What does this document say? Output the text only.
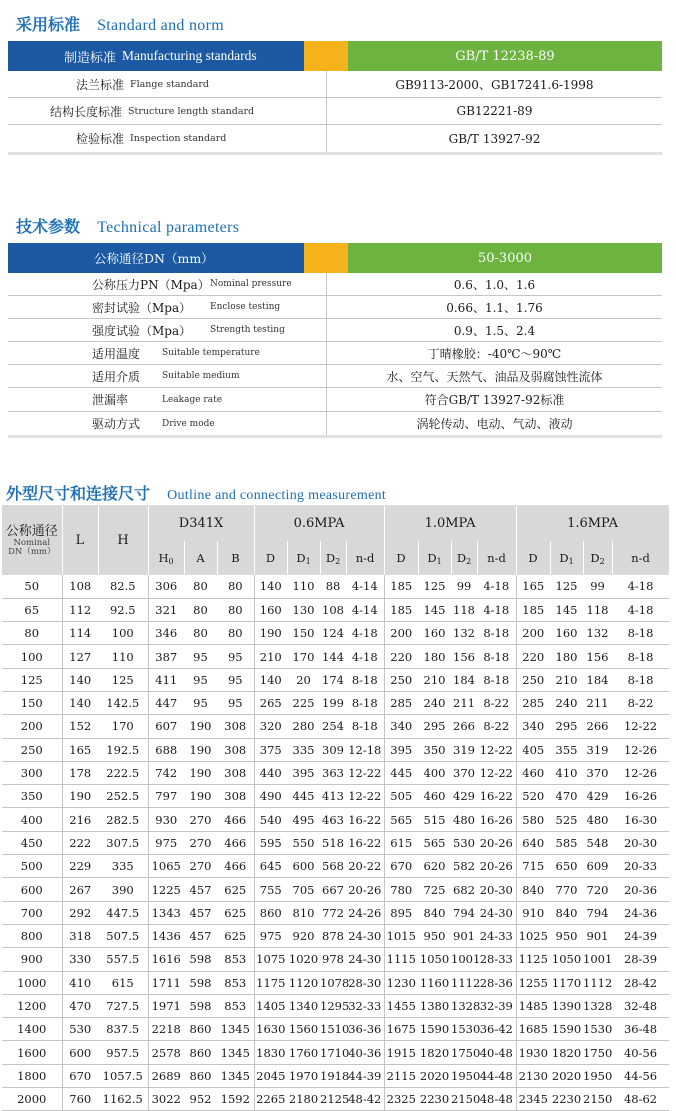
采用标准 Standard and norm
制造标准 Manufacturing standards	GB/T 12238-89
法兰标准 Flange standard	GB9113-2000、GB17241.6-1998
结构长度标准 Structure length standard	GB12221-89
检验标准 Inspection standard	GB/T 13927-92
技术参数 Technical parameters
公称通径DN（mm）	50-3000
公称压力PN（Mpa） Nominal pressure	0.6、1.0、1.6
密封试验（Mpa）	Enclose testing	0.66、1.1、1.76
强度试验（Mpa）	Strength testing	0.9、1.5、2.4
适用温度	Suitable temperature	丁晴橡胶：-40℃～90℃
适用介质	Suitable medium	水、空气、天然气、油品及弱腐蚀性流体
泄漏率	Leakage rate	符合GB/T 13927-92标准
驱动方式	Drive mode	涡轮传动、电动、气动、液动
外型尺寸和连接尺寸 Outline and connecting measurement
公称通径
Nominal
DN（mm）	L	H	D341X			0.6MPA				1.0MPA				1.6MPA			
			$H_0$	A	B	D	$D_1$	$D_2$	n-d	D	$D_1$	$D_2$	n-d	D	$D_1$	$D_2$	n-d
50	108	82.5	306	80	80	140	110	88	4-14	185	125	99	4-18	165	125	99	4-18
65	112	92.5	321	80	80	160	130	108	4-14	185	145	118	4-18	185	145	118	4-18
80	114	100	346	80	80	190	150	124	4-18	200	160	132	8-18	200	160	132	8-18
100	127	110	387	95	95	210	170	144	4-18	220	180	156	8-18	220	180	156	8-18
125	140	125	411	95	95	140	20	174	8-18	250	210	184	8-18	250	210	184	8-18
150	140	142.5	447	95	95	265	225	199	8-18	285	240	211	8-22	285	240	211	8-22
200	152	170	607	190	308	320	280	254	8-18	340	295	266	8-22	340	295	266	12-22
250	165	192.5	688	190	308	375	335	309	12-18	395	350	319	12-22	405	355	319	12-26
300	178	222.5	742	190	308	440	395	363	12-22	445	400	370	12-22	460	410	370	12-26
350	190	252.5	797	190	308	490	445	413	12-22	505	460	429	16-22	520	470	429	16-26
400	216	282.5	930	270	466	540	495	463	16-22	565	515	480	16-26	580	525	480	16-30
450	222	307.5	975	270	466	595	550	518	16-22	615	565	530	20-26	640	585	548	20-30
500	229	335	1065	270	466	645	600	568	20-22	670	620	582	20-26	715	650	609	20-33
600	267	390	1225	457	625	755	705	667	20-26	780	725	682	20-30	840	770	720	20-36
700	292	447.5	1343	457	625	860	810	772	24-26	895	840	794	24-30	910	840	794	24-36
800	318	507.5	1436	457	625	975	920	878	24-30	1015	950	901	24-33	1025	950	901	24-39
900	330	557.5	1616	598	853	1075	1020	978	24-30	1115	1050	1001	28-33	1125	1050	1001	28-39
1000	410	615	1711	598	853	1175	1120	1078	28-30	1230	1160	1112	28-36	1255	1170	1112	28-42
1200	470	727.5	1971	598	853	1405	1340	1295	32-33	1455	1380	1328	32-39	1485	1390	1328	32-48
1400	530	837.5	2218	860	1345	1630	1560	1510	36-36	1675	1590	1530	36-42	1685	1590	1530	36-48
1600	600	957.5	2578	860	1345	1830	1760	1710	40-36	1915	1820	1750	40-48	1930	1820	1750	40-56
1800	670	1057.5	2689	860	1345	2045	1970	1918	44-39	2115	2020	1950	44-48	2130	2020	1950	44-56
2000	760	1162.5	3022	952	1592	2265	2180	2125	48-42	2325	2230	2150	48-48	2345	2230	2150	48-62
